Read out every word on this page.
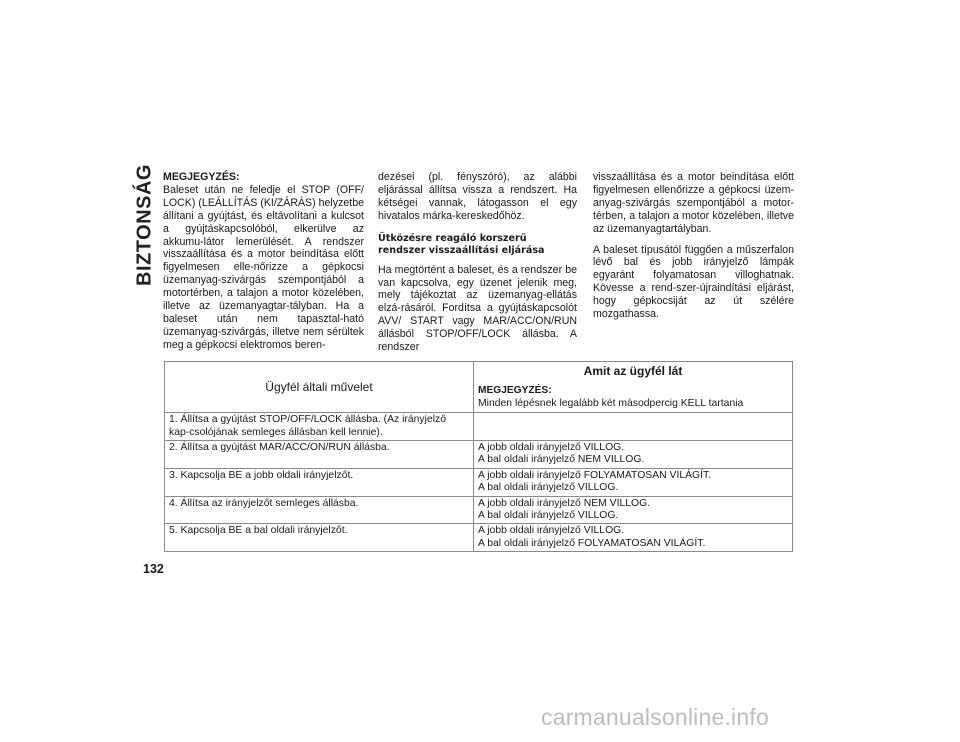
BIZTONSÁG MEGJEGYZÉS:

Baleset után ne feledje el STOP (OFF/ LOCK) (LEÁLLÍTÁS (KI/ZÁRÁS) helyzetbe állítani a gyújtást, és eltávolítani a kulcsot a gyújtáskapcsolóból, elkerülve az akkumu-látor lemerülését. A rendszer visszaállítása és a motor beindítása előtt figyelmesen elle-nőrizze a gépkocsi üzemanyag-szivárgás szempontjából a motortérben, a talajon a motor közelében, illetve az üzemanyagtar-tályban. Ha a baleset után nem tapasztal-ható üzemanyag-szivárgás, illetve nem sérültek meg a gépkocsi elektromos beren-

dezései (pl. fényszóró), az alábbi eljárással állítsa vissza a rendszert. Ha kétségei vannak, látogasson el egy hivatalos márka-kereskedőhöz.

Ütközésre reagáló korszerű rendszer visszaállítási eljárása

Ha megtörtént a baleset, és a rendszer be van kapcsolva, egy üzenet jelenik meg, mely tájékoztat az üzemanyag-ellátás elzá-rásáról. Fordítsa a gyújtáskapcsolót AVV/ START vagy MAR/ACC/ON/RUN állásból STOP/OFF/LOCK állásba. A rendszer

visszaállítása és a motor beindítása előtt figyelmesen ellenőrizze a gépkocsi üzem-anyag-szivárgás szempontjából a motor-térben, a talajon a motor közelében, illetve az üzemanyagtartályban.

A baleset típusától függően a műszerfalon lévő bal és jobb irányjelző lámpák egyaránt folyamatosan villoghatnak. Kövesse a rend-szer-újraindítási eljárást, hogy gépkocsiját az út szélére mozgathassa.

Ügyfél általi művelet	Amit az ügyfél lát
MEGJEGYZÉS:
Minden lépésnek legalább két másodpercig KELL tartania

1. Állítsa a gyújtást STOP/OFF/LOCK állásba. (Az irányjelző kap-csolójának semleges állásban kell lennie).	

2. Állítsa a gyújtást MAR/ACC/ON/RUN állásba.	A jobb oldali irányjelző VILLOG.
A bal oldali irányjelző NEM VILLOG.

3. Kapcsolja BE a jobb oldali irányjelzőt.	A jobb oldali irányjelző FOLYAMATOSAN VILÁGÍT.
A bal oldali irányjelző VILLOG.

4. Állítsa az irányjelzőt semleges állásba.	A jobb oldali irányjelző NEM VILLOG.
A bal oldali irányjelző VILLOG.

5. Kapcsolja BE a bal oldali irányjelzőt.	A jobb oldali irányjelző VILLOG.
A bal oldali irányjelző FOLYAMATOSAN VILÁGÍT.
132
carmanualsonline.info
